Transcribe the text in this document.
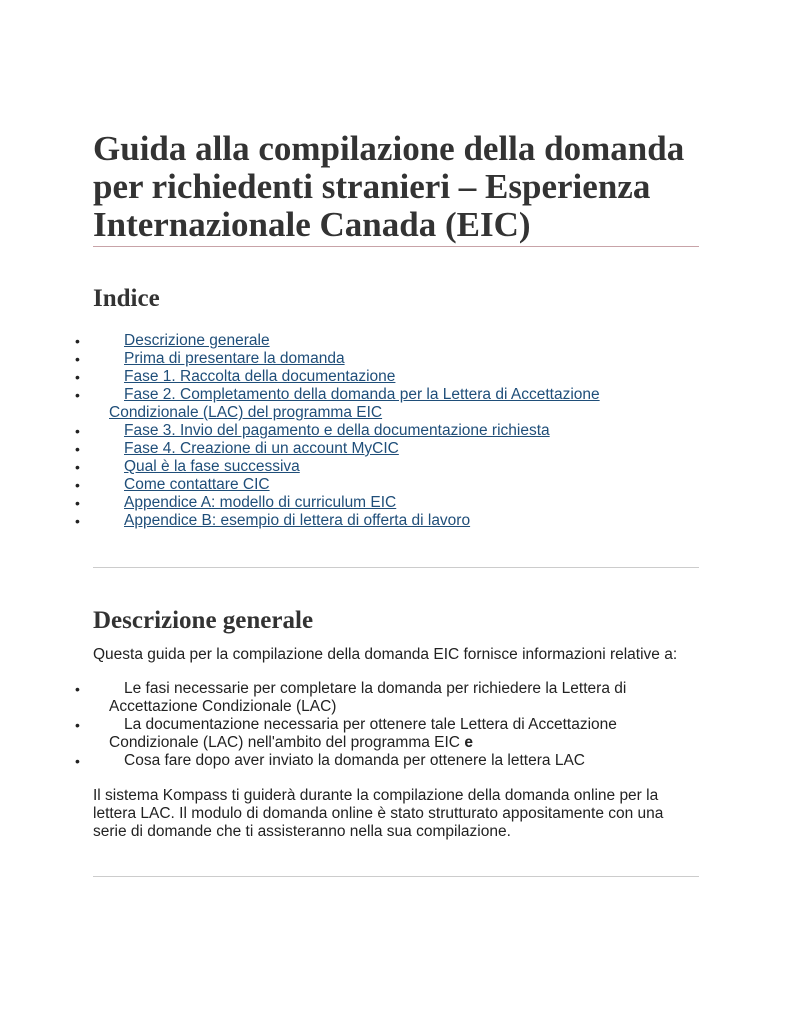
Guida alla compilazione della domanda per richiedenti stranieri – Esperienza Internazionale Canada (EIC)
Indice
•	Descrizione generale
•	Prima di presentare la domanda
•	Fase 1. Raccolta della documentazione
•	Fase 2. Completamento della domanda per la Lettera di Accettazione
Condizionale (LAC) del programma EIC
•	Fase 3. Invio del pagamento e della documentazione richiesta
•	Fase 4. Creazione di un account MyCIC
•	Qual è la fase successiva
•	Come contattare CIC
•	Appendice A: modello di curriculum EIC
•	Appendice B: esempio di lettera di offerta di lavoro
Descrizione generale

Questa guida per la compilazione della domanda EIC fornisce informazioni relative a:

•	Le fasi necessarie per completare la domanda per richiedere la Lettera di
Accettazione Condizionale (LAC)
•	La documentazione necessaria per ottenere tale Lettera di Accettazione
Condizionale (LAC) nell'ambito del programma EIC e
•	Cosa fare dopo aver inviato la domanda per ottenere la lettera LAC

Il sistema Kompass ti guiderà durante la compilazione della domanda online per la
lettera LAC. Il modulo di domanda online è stato strutturato appositamente con una
serie di domande che ti assisteranno nella sua compilazione.
